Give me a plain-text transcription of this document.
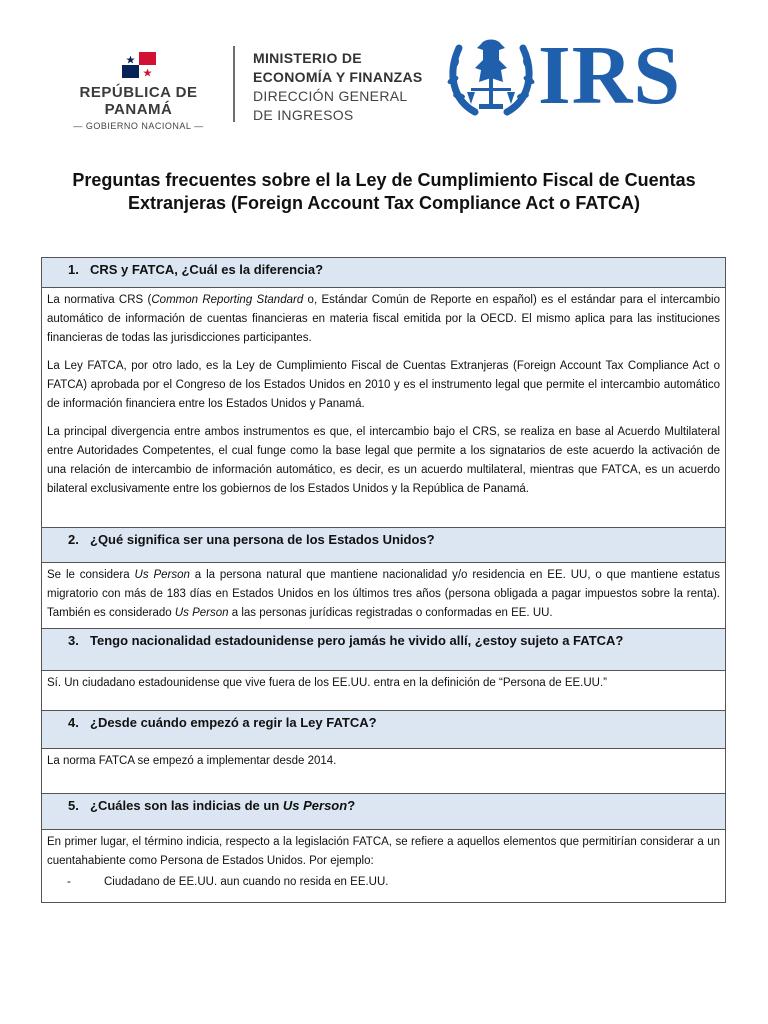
REPÚBLICA DE PANAMÁ
— GOBIERNO NACIONAL —
MINISTERIO DE
ECONOMÍA Y FINANZAS
DIRECCIÓN GENERAL
DE INGRESOS	IRS
Preguntas frecuentes sobre el la Ley de Cumplimiento Fiscal de Cuentas Extranjeras (Foreign Account Tax Compliance Act o FATCA)
1. CRS y FATCA, ¿Cuál es la diferencia?

La normativa CRS (Common Reporting Standard o, Estándar Común de Reporte en español) es el estándar para el intercambio automático de información de cuentas financieras en materia fiscal emitida por la OECD. El mismo aplica para las instituciones financieras de todas las jurisdicciones participantes.

La Ley FATCA, por otro lado, es la Ley de Cumplimiento Fiscal de Cuentas Extranjeras (Foreign Account Tax Compliance Act o FATCA) aprobada por el Congreso de los Estados Unidos en 2010 y es el instrumento legal que permite el intercambio automático de información financiera entre los Estados Unidos y Panamá.

La principal divergencia entre ambos instrumentos es que, el intercambio bajo el CRS, se realiza en base al Acuerdo Multilateral entre Autoridades Competentes, el cual funge como la base legal que permite a los signatarios de este acuerdo la activación de una relación de intercambio de información automático, es decir, es un acuerdo multilateral, mientras que FATCA, es un acuerdo bilateral exclusivamente entre los gobiernos de los Estados Unidos y la República de Panamá.

2. ¿Qué significa ser una persona de los Estados Unidos?

Se le considera Us Person a la persona natural que mantiene nacionalidad y/o residencia en EE. UU, o que mantiene estatus migratorio con más de 183 días en Estados Unidos en los últimos tres años (persona obligada a pagar impuestos sobre la renta). También es considerado Us Person a las personas jurídicas registradas o conformadas en EE. UU.

3. Tengo nacionalidad estadounidense pero jamás he vivido allí, ¿estoy sujeto a FATCA?

Sí. Un ciudadano estadounidense que vive fuera de los EE.UU. entra en la definición de “Persona de EE.UU.”

4. ¿Desde cuándo empezó a regir la Ley FATCA?

La norma FATCA se empezó a implementar desde 2014.

5. ¿Cuáles son las indicias de un Us Person?

En primer lugar, el término indicia, respecto a la legislación FATCA, se refiere a aquellos elementos que permitirían considerar a un cuentahabiente como Persona de Estados Unidos. Por ejemplo:

-	Ciudadano de EE.UU. aun cuando no resida en EE.UU.
